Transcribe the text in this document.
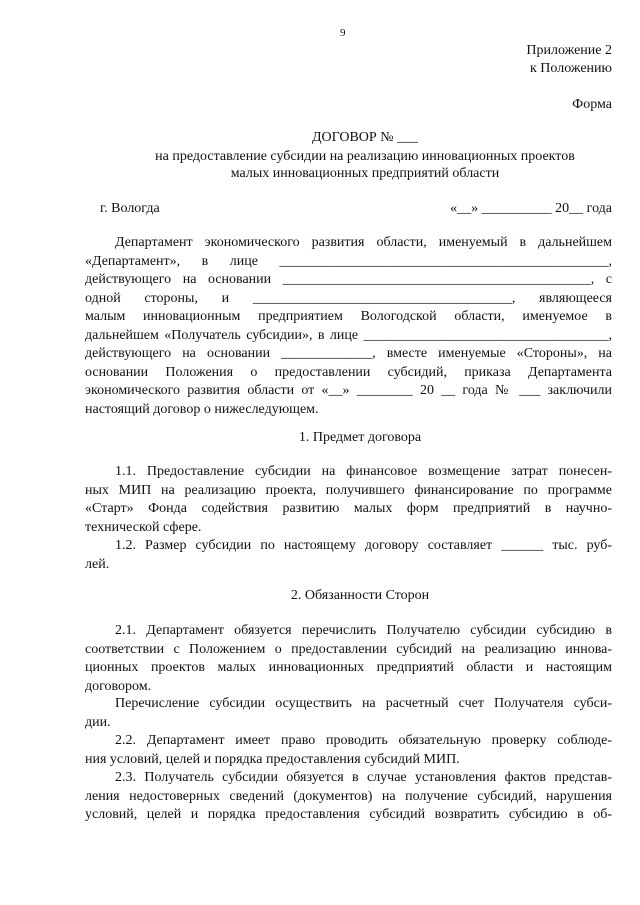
9
Приложение 2
к Положению
Форма
ДОГОВОР № ___
на предоставление субсидии на реализацию инновационных проектов
малых инновационных предприятий области
г. Вологда	«__» __________ 20__ года
Департамент экономического развития области, именуемый в дальнейшем
«Департамент», в лице _______________________________________________,
действующего на основании ____________________________________________, с
одной стороны, и _____________________________________, являющееся
малым инновационным предприятием Вологодской области, именуемое в
дальнейшем «Получатель субсидии», в лице ___________________________________,
действующего на основании _____________, вместе именуемые «Стороны», на
основании Положения о предоставлении субсидий, приказа Департамента
экономического развития области от «__» ________ 20 __ года № ___ заключили
настоящий договор о нижеследующем.
1. Предмет договора
1.1. Предоставление субсидии на финансовое возмещение затрат понесен-
ных МИП на реализацию проекта, получившего финансирование по программе
«Старт» Фонда содействия развитию малых форм предприятий в научно-
технической сфере.
1.2. Размер субсидии по настоящему договору составляет ______ тыс. руб-
лей.
2. Обязанности Сторон
2.1. Департамент обязуется перечислить Получателю субсидии субсидию в
соответствии с Положением о предоставлении субсидий на реализацию иннова-
ционных проектов малых инновационных предприятий области и настоящим
договором.
Перечисление субсидии осуществить на расчетный счет Получателя субси-
дии.
2.2. Департамент имеет право проводить обязательную проверку соблюде-
ния условий, целей и порядка предоставления субсидий МИП.
2.3. Получатель субсидии обязуется в случае установления фактов представ-
ления недостоверных сведений (документов) на получение субсидий, нарушения
условий, целей и порядка предоставления субсидий возвратить субсидию в об-
